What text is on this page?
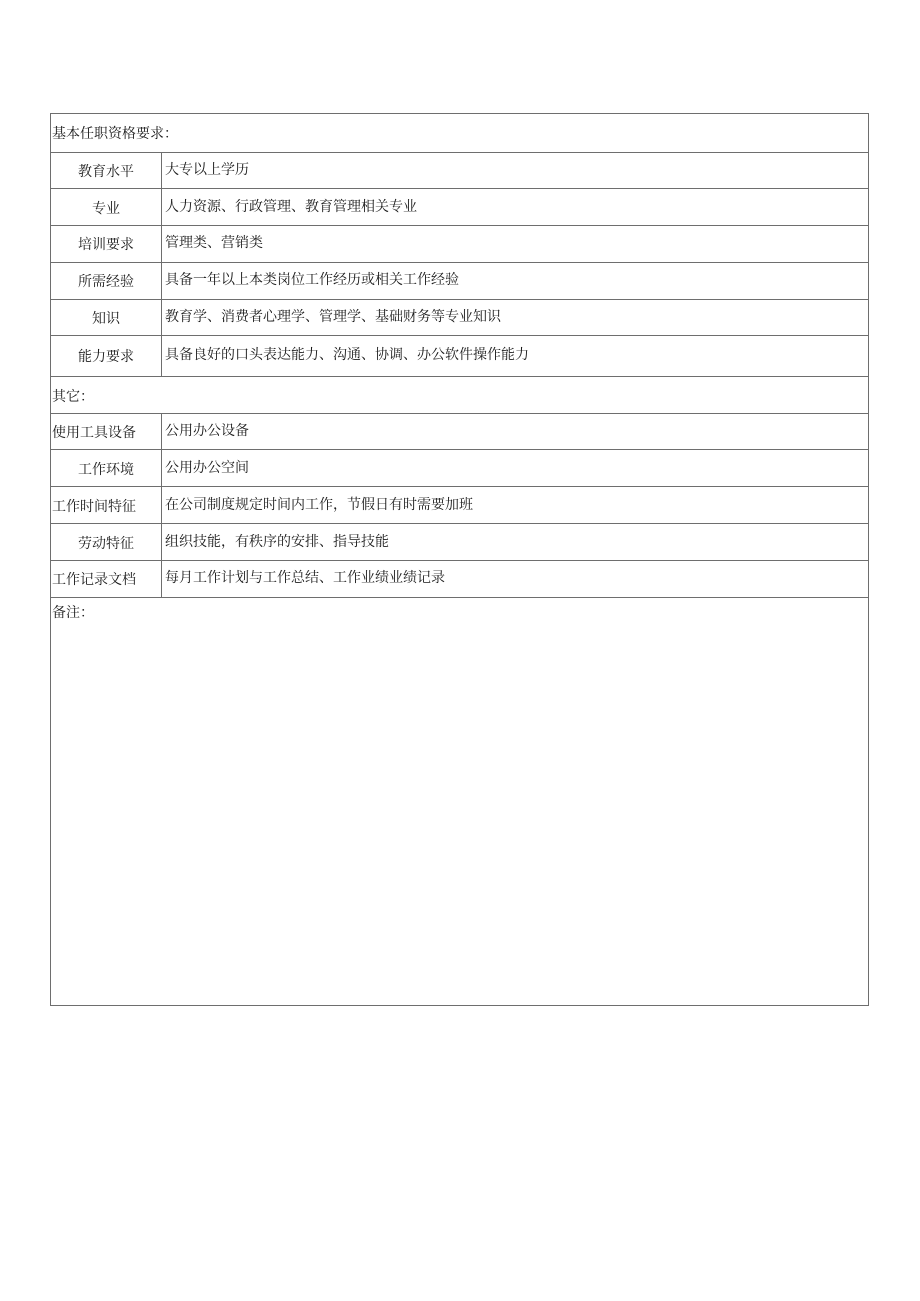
基本任职资格要求：
教育水平	大专以上学历
专业	人力资源、行政管理、教育管理相关专业
培训要求	管理类、营销类
所需经验	具备一年以上本类岗位工作经历或相关工作经验
知识	教育学、消费者心理学、管理学、基础财务等专业知识
能力要求	具备良好的口头表达能力、沟通、协调、办公软件操作能力
其它：
使用工具设备 公用办公设备
工作环境	公用办公空间
工作时间特征 在公司制度规定时间内工作，节假日有时需要加班
劳动特征	组织技能，有秩序的安排、指导技能
工作记录文档 每月工作计划与工作总结、工作业绩业绩记录
备注：
